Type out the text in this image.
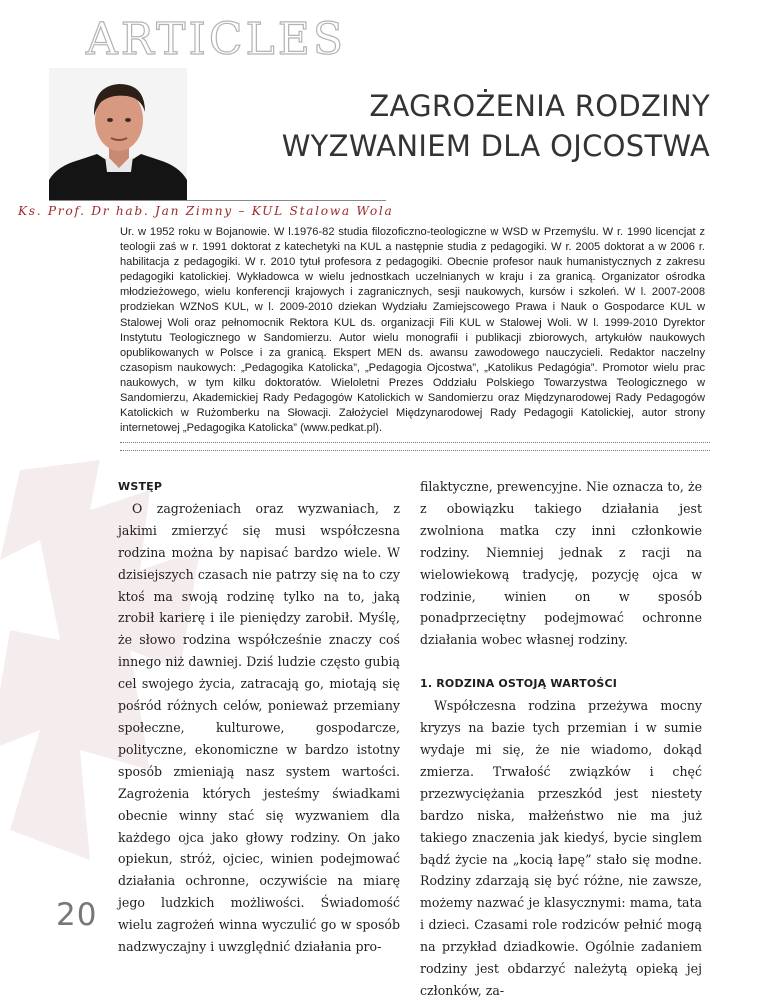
ARTICLES
ZAGROŻENIA RODZINY
WYZWANIEM DLA OJCOSTWA
Ks. Prof. Dr hab. Jan Zimny – KUL Stalowa Wola
Ur. w 1952 roku w Bojanowie. W l.1976-82 studia filozoficzno-teologiczne w WSD w Przemyślu. W r. 1990 licencjat z teologii zaś w r. 1991 doktorat z katechetyki na KUL a następnie studia z pedagogiki. W r. 2005 doktorat a w 2006 r. habilitacja z pedagogiki. W r. 2010 tytuł profesora z pedagogiki. Obecnie profesor nauk humanistycznych z zakresu pedagogiki katolickiej. Wykładowca w wielu jednostkach uczelnianych w kraju i za granicą. Organizator ośrodka młodzieżowego, wielu konferencji krajowych i zagranicznych, sesji naukowych, kursów i szkoleń. W l. 2007-2008 prodziekan WZNoS KUL, w l. 2009-2010 dziekan Wydziału Zamiejscowego Prawa i Nauk o Gospodarce KUL w Stalowej Woli oraz pełnomocnik Rektora KUL ds. organizacji Fili KUL w Stalowej Woli. W l. 1999-2010 Dyrektor Instytutu Teologicznego w Sandomierzu. Autor wielu monografii i publikacji zbiorowych, artykułów naukowych opublikowanych w Polsce i za granicą. Ekspert MEN ds. awansu zawodowego nauczycieli. Redaktor naczelny czasopism naukowych: „Pedagogika Katolicka”, „Pedagogia Ojcostwa”, „Katolikus Pedagógia”. Promotor wielu prac naukowych, w tym kilku doktoratów. Wieloletni Prezes Oddziału Polskiego Towarzystwa Teologicznego w Sandomierzu, Akademickiej Rady Pedagogów Katolickich w Sandomierzu oraz Międzynarodowej Rady Pedagogów Katolickich w Rużomberku na Słowacji. Założyciel Międzynarodowej Rady Pedagogii Katolickiej, autor strony internetowej „Pedagogika Katolicka” (www.pedkat.pl).
WSTĘP

O zagrożeniach oraz wyzwaniach, z jakimi zmierzyć się musi współczesna rodzina można by napisać bardzo wiele. W dzisiejszych czasach nie patrzy się na to czy ktoś ma swoją rodzinę tylko na to, jaką zrobił karierę i ile pieniędzy zarobił. Myślę, że słowo rodzina współcześnie znaczy coś innego niż dawniej. Dziś ludzie często gubią cel swojego życia, zatracają go, miotają się pośród różnych celów, ponieważ przemiany społeczne, kulturowe, gospodarcze, polityczne, ekonomiczne w bardzo istotny sposób zmieniają nasz system wartości. Zagrożenia których jesteśmy świadkami obecnie winny stać się wyzwaniem dla każdego ojca jako głowy rodziny. On jako opiekun, stróż, ojciec, winien podejmować działania ochronne, oczywiście na miarę jego ludzkich możliwości. Świadomość wielu zagrożeń winna wyczulić go w sposób nadzwyczajny i uwzględnić działania pro-

filaktyczne, prewencyjne. Nie oznacza to, że z obowiązku takiego działania jest zwolniona matka czy inni członkowie rodziny. Niemniej jednak z racji na wielowiekową tradycję, pozycję ojca w rodzinie, winien on w sposób ponadprzeciętny podejmować ochronne działania wobec własnej rodziny.

1. RODZINA OSTOJĄ WARTOŚCI

Współczesna rodzina przeżywa mocny kryzys na bazie tych przemian i w sumie wydaje mi się, że nie wiadomo, dokąd zmierza. Trwałość związków i chęć przezwyciężania przeszkód jest niestety bardzo niska, małżeństwo nie ma już takiego znaczenia jak kiedyś, bycie singlem bądź życie na „kocią łapę” stało się modne. Rodziny zdarzają się być różne, nie zawsze, możemy nazwać je klasycznymi: mama, tata i dzieci. Czasami role rodziców pełnić mogą na przykład dziadkowie. Ogólnie zadaniem rodziny jest obdarzyć należytą opieką jej członków, za-

20
